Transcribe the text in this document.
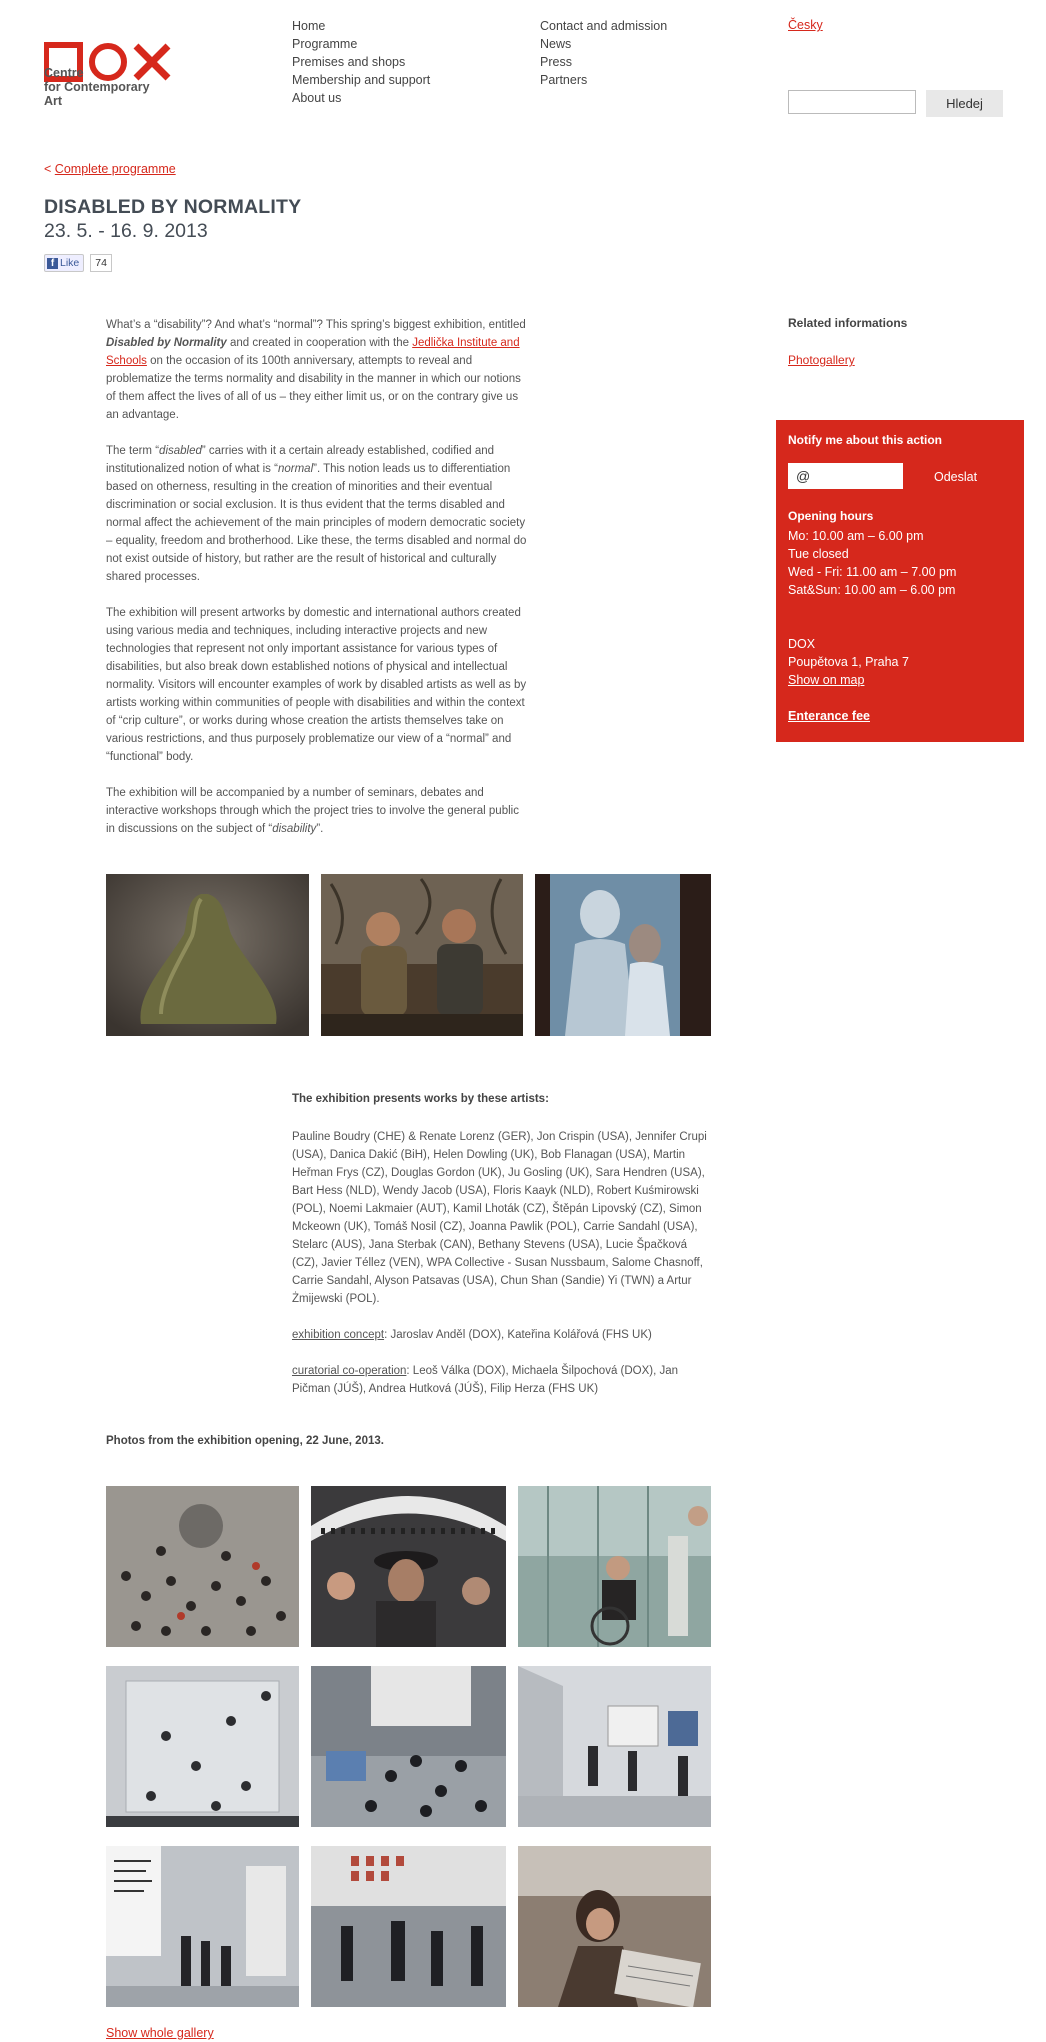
Centre
for Contemporary
Art
Home
Programme
Premises and shops
Membership and support
About us
Contact and admission
News
Press
Partners
Česky
Hledej
< Complete programme
DISABLED BY NORMALITY
23. 5. - 16. 9. 2013
f Like	74

What’s a “disability”? And what’s “normal”? This spring’s biggest exhibition, entitled Disabled by Normality and created in cooperation with the Jedlička Institute and Schools on the occasion of its 100th anniversary, attempts to reveal and problematize the terms normality and disability in the manner in which our notions of them affect the lives of all of us – they either limit us, or on the contrary give us an advantage.

The term “disabled” carries with it a certain already established, codified and institutionalized notion of what is “normal”. This notion leads us to differentiation based on otherness, resulting in the creation of minorities and their eventual discrimination or social exclusion. It is thus evident that the terms disabled and normal affect the achievement of the main principles of modern democratic society – equality, freedom and brotherhood. Like these, the terms disabled and normal do not exist outside of history, but rather are the result of historical and culturally shared processes.

The exhibition will present artworks by domestic and international authors created using various media and techniques, including interactive projects and new technologies that represent not only important assistance for various types of disabilities, but also break down established notions of physical and intellectual normality. Visitors will encounter examples of work by disabled artists as well as by artists working within communities of people with disabilities and within the context of “crip culture”, or works during whose creation the artists themselves take on various restrictions, and thus purposely problematize our view of a “normal” and “functional” body.

The exhibition will be accompanied by a number of seminars, debates and interactive workshops through which the project tries to involve the general public in discussions on the subject of “disability”.

Related informations
Photogallery
Notify me about this action
@	Odeslat
Opening hours
Mo: 10.00 am – 6.00 pm
Tue closed
Wed - Fri: 11.00 am – 7.00 pm
Sat&Sun: 10.00 am – 6.00 pm
DOX
Poupětova 1, Praha 7
Show on map
Enterance fee
The exhibition presents works by these artists:

Pauline Boudry (CHE) & Renate Lorenz (GER), Jon Crispin (USA), Jennifer Crupi (USA), Danica Dakić (BiH), Helen Dowling (UK), Bob Flanagan (USA), Martin Heřman Frys (CZ), Douglas Gordon (UK), Ju Gosling (UK), Sara Hendren (USA), Bart Hess (NLD), Wendy Jacob (USA), Floris Kaayk (NLD), Robert Kuśmirowski (POL), Noemi Lakmaier (AUT), Kamil Lhoták (CZ), Štěpán Lipovský (CZ), Simon Mckeown (UK), Tomáš Nosil (CZ), Joanna Pawlik (POL), Carrie Sandahl (USA), Stelarc (AUS), Jana Sterbak (CAN), Bethany Stevens (USA), Lucie Špačková (CZ), Javier Téllez (VEN), WPA Collective - Susan Nussbaum, Salome Chasnoff, Carrie Sandahl, Alyson Patsavas (USA), Chun Shan (Sandie) Yi (TWN) a Artur Żmijewski (POL).

exhibition concept: Jaroslav Anděl (DOX), Kateřina Kolářová (FHS UK)

curatorial co-operation: Leoš Válka (DOX), Michaela Šilpochová (DOX), Jan Pičman (JÚŠ), Andrea Hutková (JÚŠ), Filip Herza (FHS UK)

Photos from the exhibition opening, 22 June, 2013.
Show whole gallery
